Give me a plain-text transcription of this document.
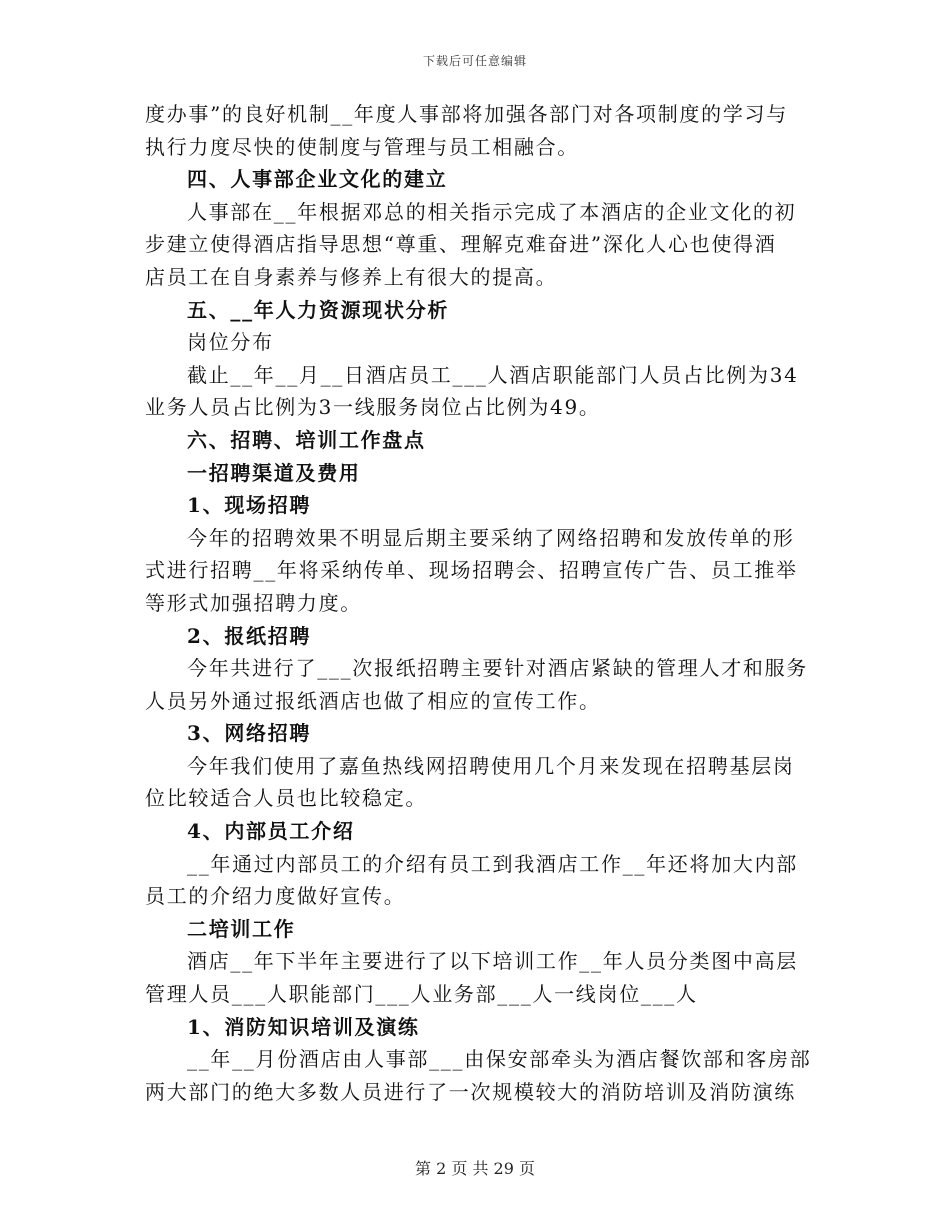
下载后可任意编辑
度办事”的良好机制__年度人事部将加强各部门对各项制度的学习与
执行力度尽快的使制度与管理与员工相融合。
四、人事部企业文化的建立
人事部在__年根据邓总的相关指示完成了本酒店的企业文化的初
步建立使得酒店指导思想“尊重、理解克难奋进”深化人心也使得酒
店员工在自身素养与修养上有很大的提高。
五、__年人力资源现状分析
岗位分布
截止__年__月__日酒店员工___人酒店职能部门人员占比例为34
业务人员占比例为3一线服务岗位占比例为49。
六、招聘、培训工作盘点
一招聘渠道及费用
1、现场招聘
今年的招聘效果不明显后期主要采纳了网络招聘和发放传单的形
式进行招聘__年将采纳传单、现场招聘会、招聘宣传广告、员工推举
等形式加强招聘力度。
2、报纸招聘
今年共进行了___次报纸招聘主要针对酒店紧缺的管理人才和服务
人员另外通过报纸酒店也做了相应的宣传工作。
3、网络招聘
今年我们使用了嘉鱼热线网招聘使用几个月来发现在招聘基层岗
位比较适合人员也比较稳定。
4、内部员工介绍
__年通过内部员工的介绍有员工到我酒店工作__年还将加大内部
员工的介绍力度做好宣传。
二培训工作
酒店__年下半年主要进行了以下培训工作__年人员分类图中高层
管理人员___人职能部门___人业务部___人一线岗位___人
1、消防知识培训及演练
__年__月份酒店由人事部___由保安部牵头为酒店餐饮部和客房部
两大部门的绝大多数人员进行了一次规模较大的消防培训及消防演练
第 2 页 共 29 页
